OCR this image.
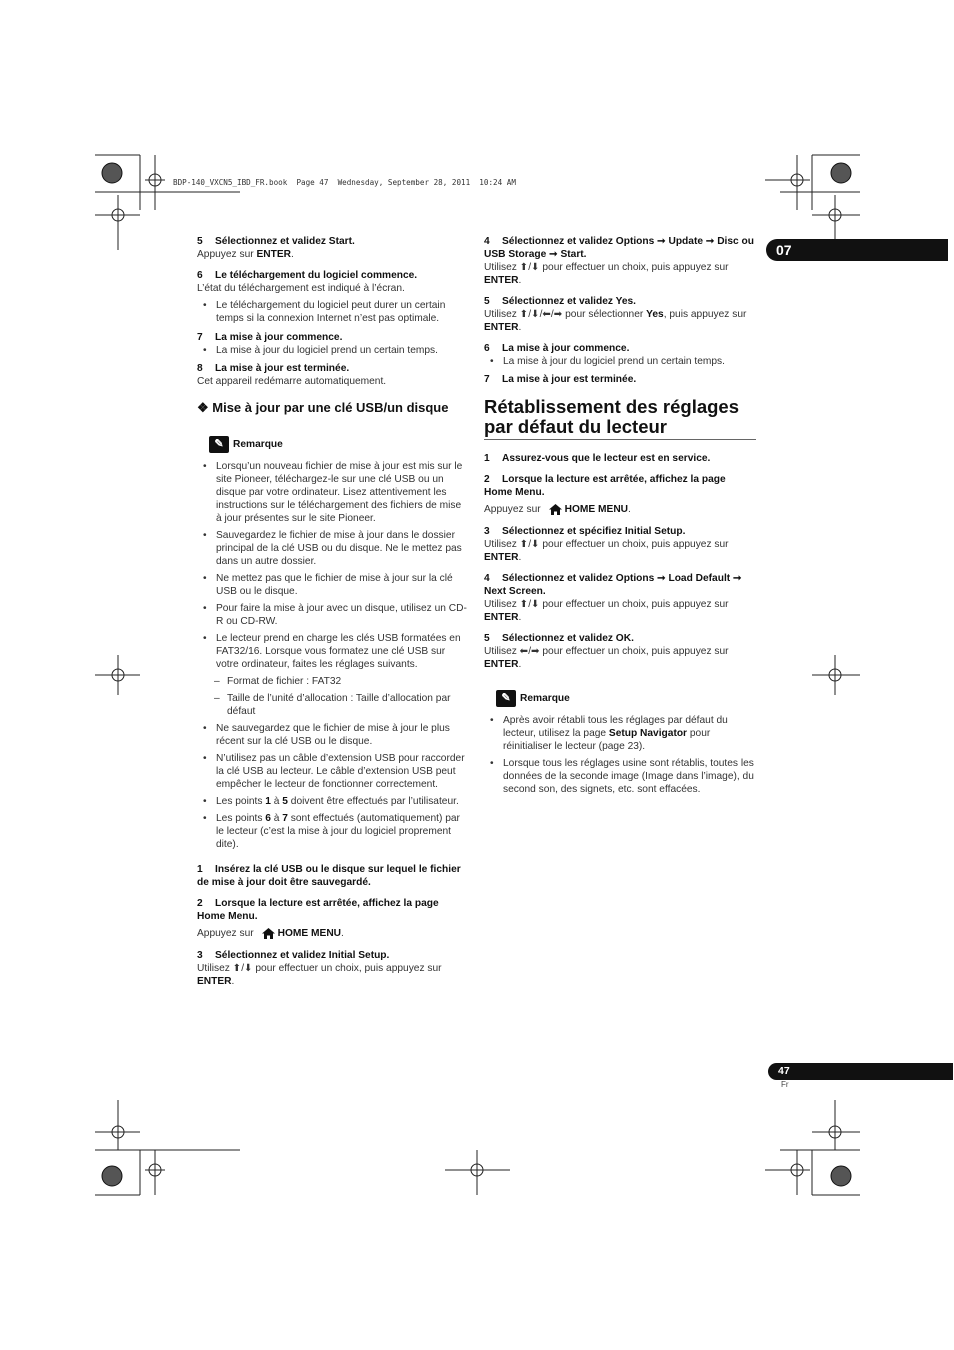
BDP-140_VXCN5_IBD_FR.book  Page 47  Wednesday, September 28, 2011  10:24 AM
07
47
Fr

5 Sélectionnez et validez Start.

Appuyez sur ENTER.

6 Le téléchargement du logiciel commence.

L’état du téléchargement est indiqué à l’écran.

• Le téléchargement du logiciel peut durer un certain temps si la connexion Internet n’est pas optimale.

7 La mise à jour commence.

• La mise à jour du logiciel prend un certain temps.

8 La mise à jour est terminée.

Cet appareil redémarre automatiquement.

❖ Mise à jour par une clé USB/un disque

✎ Remarque
• Lorsqu’un nouveau fichier de mise à jour est mis sur le site Pioneer, téléchargez-le sur une clé USB ou un disque par votre ordinateur. Lisez attentivement les instructions sur le téléchargement des fichiers de mise à jour présentes sur le site Pioneer.
• Sauvegardez le fichier de mise à jour dans le dossier principal de la clé USB ou du disque. Ne le mettez pas dans un autre dossier.
• Ne mettez pas que le fichier de mise à jour sur la clé USB ou le disque.
• Pour faire la mise à jour avec un disque, utilisez un CD-R ou CD-RW.
• Le lecteur prend en charge les clés USB formatées en FAT32/16. Lorsque vous formatez une clé USB sur votre ordinateur, faites les réglages suivants.
– Format de fichier : FAT32
– Taille de l’unité d’allocation : Taille d’allocation par défaut
• Ne sauvegardez que le fichier de mise à jour le plus récent sur la clé USB ou le disque.
• N’utilisez pas un câble d’extension USB pour raccorder la clé USB au lecteur. Le câble d’extension USB peut empêcher le lecteur de fonctionner correctement.
• Les points 1 à 5 doivent être effectués par l’utilisateur.
• Les points 6 à 7 sont effectués (automatiquement) par le lecteur (c’est la mise à jour du logiciel proprement dite).

1 Insérez la clé USB ou le disque sur lequel le fichier de mise à jour doit être sauvegardé.

2 Lorsque la lecture est arrêtée, affichez la page Home Menu.

Appuyez sur HOME MENU.

3 Sélectionnez et validez Initial Setup.

Utilisez ⬆/⬇ pour effectuer un choix, puis appuyez sur ENTER.

4 Sélectionnez et validez Options ➞ Update ➞ Disc ou USB Storage ➞ Start.

Utilisez ⬆/⬇ pour effectuer un choix, puis appuyez sur ENTER.

5 Sélectionnez et validez Yes.

Utilisez ⬆/⬇/⬅/➡ pour sélectionner Yes, puis appuyez sur ENTER.

6 La mise à jour commence.

• La mise à jour du logiciel prend un certain temps.

7 La mise à jour est terminée.

Rétablissement des réglages par défaut du lecteur

1 Assurez-vous que le lecteur est en service.

2 Lorsque la lecture est arrêtée, affichez la page Home Menu.

Appuyez sur HOME MENU.

3 Sélectionnez et spécifiez Initial Setup.

Utilisez ⬆/⬇ pour effectuer un choix, puis appuyez sur ENTER.

4 Sélectionnez et validez Options ➞ Load Default ➞ Next Screen.

Utilisez ⬆/⬇ pour effectuer un choix, puis appuyez sur ENTER.

5 Sélectionnez et validez OK.

Utilisez ⬅/➡ pour effectuer un choix, puis appuyez sur ENTER.

✎ Remarque
• Après avoir rétabli tous les réglages par défaut du lecteur, utilisez la page Setup Navigator pour réinitialiser le lecteur (page 23).
• Lorsque tous les réglages usine sont rétablis, toutes les données de la seconde image (Image dans l’image), du second son, des signets, etc. sont effacées.
